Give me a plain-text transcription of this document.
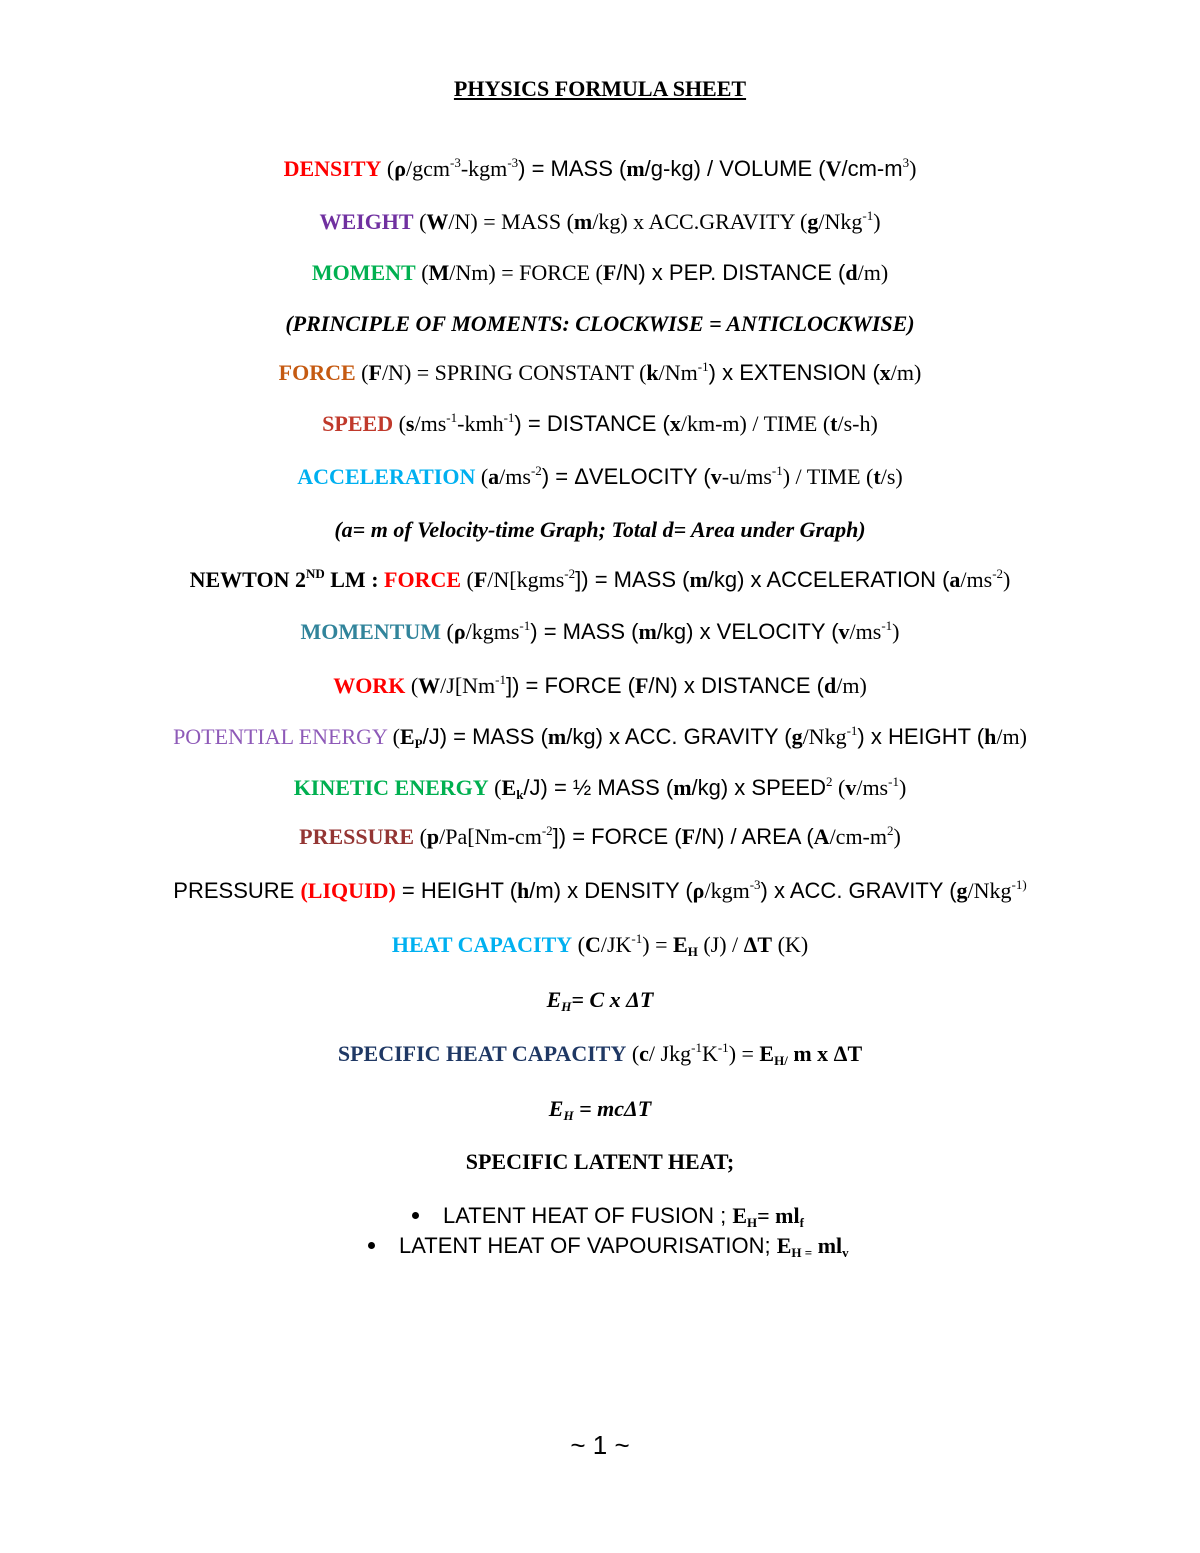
PHYSICS FORMULA SHEET
DENSITY (ρ/gcm$^{-3}$-kgm$^{-3}$) = MASS (m/g-kg) / VOLUME $(V/cm-m^3)$
WEIGHT (W/N) = MASS (m/kg) x ACC.GRAVITY (g/Nkg$^{-1}$)
MOMENT (M/Nm) = FORCE (F/N) x PEP. DISTANCE (d/m)
(PRINCIPLE OF MOMENTS: CLOCKWISE = ANTICLOCKWISE)
FORCE (F/N) = SPRING CONSTANT $(k/Nm^{-1})$ x EXTENSION (x/m)
SPEED $(s/ms^{-1}-kmh^{-1})$ = DISTANCE (x/km-m) / TIME (t/s-h)
ACCELERATION $(a/ms^{-2})$ = ΔVELOCITY $(v-u/ms^{-1})$ / TIME (t/s)
(a= m of Velocity-time Graph; Total d= Area under Graph)
NEWTON 2ND LM : FORCE (F/N[kgms$^{-2}$]) = MASS (m/kg) x ACCELERATION $(a/ms^{-2})$
MOMENTUM (ρ/kgms$^{-1}$) = MASS (m/kg) x VELOCITY $(v/ms^{-1})$
WORK $(W/J[Nm^{-1}])$ = FORCE (F/N) x DISTANCE (d/m)
POTENTIAL ENERGY $(E_P/J)$ = MASS (m/kg) x ACC. GRAVITY (g/Nkg$^{-1}$) x HEIGHT (h/m)
KINETIC ENERGY $(E_k/J)$ = ½ MASS (m/kg) x SPEED$^2$ $(v/ms^{-1})$
PRESSURE $(p/Pa[Nm-cm^{-2}])$ = FORCE (F/N) / AREA $(A/cm-m^2)$
PRESSURE (LIQUID) = HEIGHT (h/m) x DENSITY (ρ/kgm$^{-3}$) x ACC. GRAVITY (g/Nkg$^{-1)}$
HEAT CAPACITY $(C/JK^{-1}) = E_H$ (J) / ΔT (K)
$E_H= C$ x ΔT
SPECIFIC HEAT CAPACITY (c/ $Jkg^{-1}K^{-1}) = E_{H/}$ m x ΔT
$E_H = mc\Delta T$
SPECIFIC LATENT HEAT;
LATENT HEAT OF FUSION ; $E_H= ml_f$
LATENT HEAT OF VAPOURISATION; $E_{H =}$ $ml_v$
~ 1 ~
